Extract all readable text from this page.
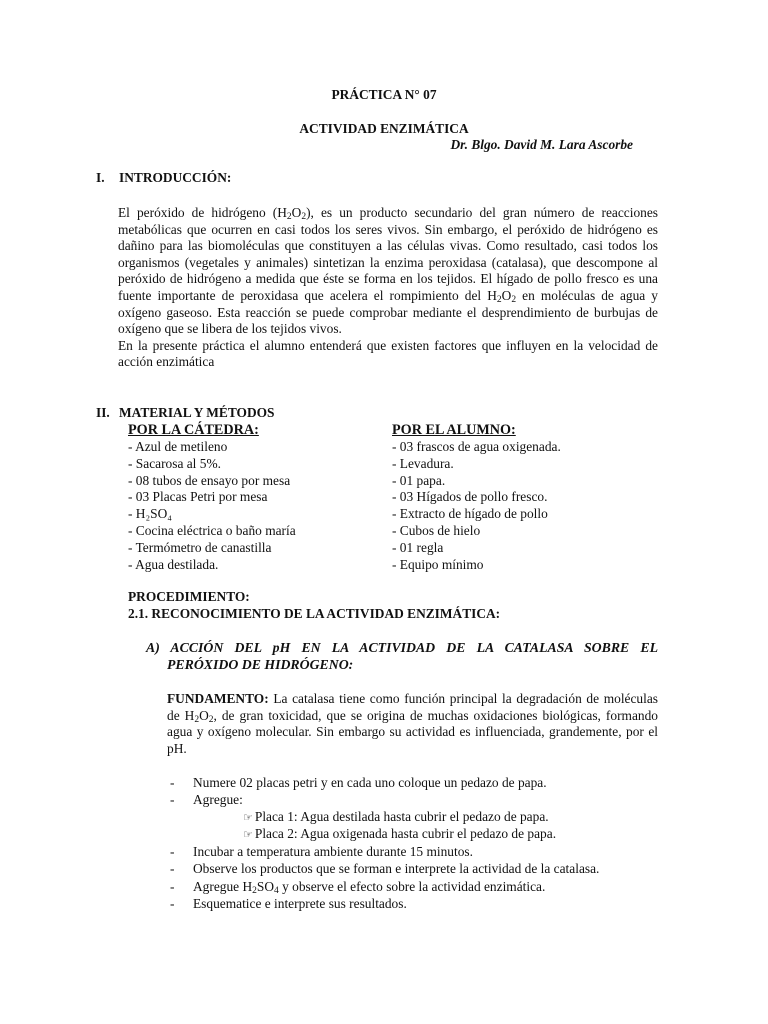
PRÁCTICA N° 07
ACTIVIDAD ENZIMÁTICA
Dr. Blgo. David M. Lara Ascorbe
I. INTRODUCCIÓN:

El peróxido de hidrógeno $(H_2O_2)$, es un producto secundario del gran número de reacciones metabólicas que ocurren en casi todos los seres vivos. Sin embargo, el peróxido de hidrógeno es dañino para las biomoléculas que constituyen a las células vivas. Como resultado, casi todos los organismos (vegetales y animales) sintetizan la enzima peroxidasa (catalasa), que descompone al peróxido de hidrógeno a medida que éste se forma en los tejidos. El hígado de pollo fresco es una fuente importante de peroxidasa que acelera el rompimiento del $H_2O_2$ en moléculas de agua y oxígeno gaseoso. Esta reacción se puede comprobar mediante el desprendimiento de burbujas de oxígeno que se libera de los tejidos vivos.

En la presente práctica el alumno entenderá que existen factores que influyen en la velocidad de acción enzimática

II. MATERIAL Y MÉTODOS
POR LA CÁTEDRA:
- Azul de metileno
- Sacarosa al 5%.
- 08 tubos de ensayo por mesa
- 03 Placas Petri por mesa
- H₂SO₄
- Cocina eléctrica o baño maría
- Termómetro de canastilla
- Agua destilada.
POR EL ALUMNO:
- 03 frascos de agua oxigenada.
- Levadura.
- 01 papa.
- 03 Hígados de pollo fresco.
- Extracto de hígado de pollo
- Cubos de hielo
- 01 regla
- Equipo mínimo
PROCEDIMIENTO:
2.1. RECONOCIMIENTO DE LA ACTIVIDAD ENZIMÁTICA:
A) ACCIÓN DEL pH EN LA ACTIVIDAD DE LA CATALASA SOBRE EL
PERÓXIDO DE HIDRÓGENO:
FUNDAMENTO: La catalasa tiene como función principal la degradación de moléculas de $H_2O_2$, de gran toxicidad, que se origina de muchas oxidaciones biológicas, formando agua y oxígeno molecular. Sin embargo su actividad es influenciada, grandemente, por el pH.
- Numere 02 placas petri y en cada uno coloque un pedazo de papa.
- Agregue:
☞ Placa 1: Agua destilada hasta cubrir el pedazo de papa.
☞ Placa 2: Agua oxigenada hasta cubrir el pedazo de papa.
- Incubar a temperatura ambiente durante 15 minutos.
- Observe los productos que se forman e interprete la actividad de la catalasa.
- Agregue $H_2SO_4$ y observe el efecto sobre la actividad enzimática.
- Esquematice e interprete sus resultados.
